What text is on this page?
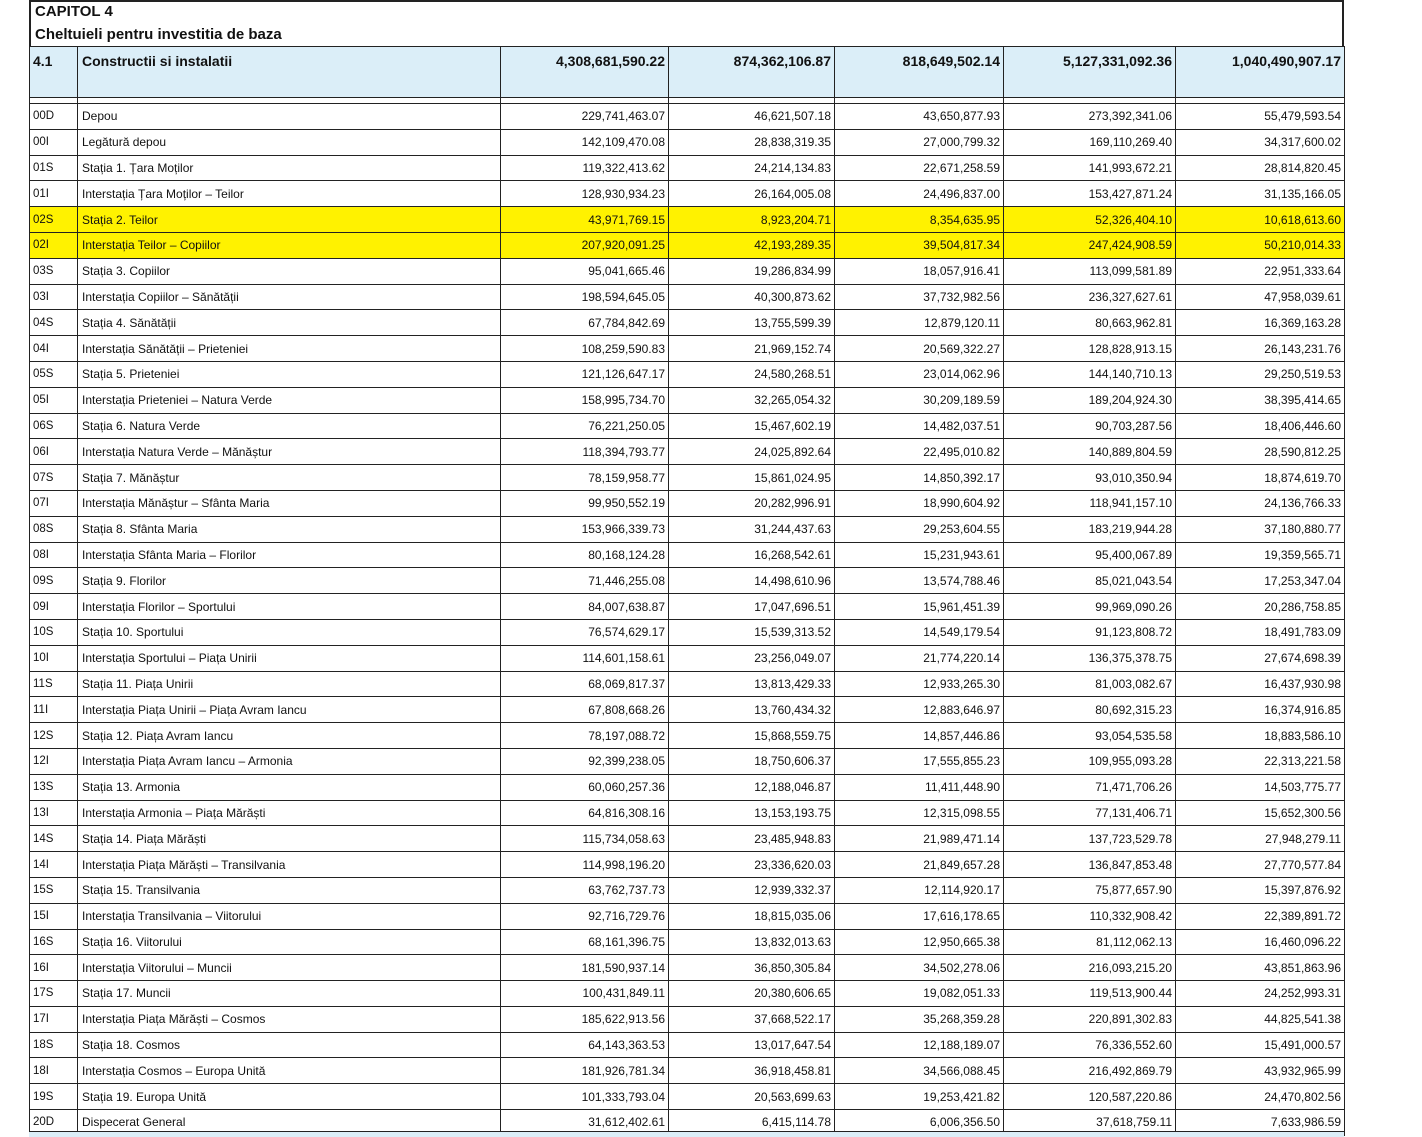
CAPITOL 4
Cheltuieli pentru investitia de baza
4.1	Constructii si instalatii	4,308,681,590.22	874,362,106.87	818,649,502.14	5,127,331,092.36	1,040,490,907.17

00D	Depou	229,741,463.07	46,621,507.18	43,650,877.93	273,392,341.06	55,479,593.54
00I	Legătură depou	142,109,470.08	28,838,319.35	27,000,799.32	169,110,269.40	34,317,600.02
01S	Stația 1. Țara Moților	119,322,413.62	24,214,134.83	22,671,258.59	141,993,672.21	28,814,820.45
01I	Interstația Țara Moților – Teilor	128,930,934.23	26,164,005.08	24,496,837.00	153,427,871.24	31,135,166.05
02S	Stația 2. Teilor	43,971,769.15	8,923,204.71	8,354,635.95	52,326,404.10	10,618,613.60
02I	Interstația Teilor – Copiilor	207,920,091.25	42,193,289.35	39,504,817.34	247,424,908.59	50,210,014.33
03S	Stația 3. Copiilor	95,041,665.46	19,286,834.99	18,057,916.41	113,099,581.89	22,951,333.64
03I	Interstația Copiilor – Sănătății	198,594,645.05	40,300,873.62	37,732,982.56	236,327,627.61	47,958,039.61
04S	Stația 4. Sănătății	67,784,842.69	13,755,599.39	12,879,120.11	80,663,962.81	16,369,163.28
04I	Interstația Sănătății – Prieteniei	108,259,590.83	21,969,152.74	20,569,322.27	128,828,913.15	26,143,231.76
05S	Stația 5. Prieteniei	121,126,647.17	24,580,268.51	23,014,062.96	144,140,710.13	29,250,519.53
05I	Interstația Prieteniei – Natura Verde	158,995,734.70	32,265,054.32	30,209,189.59	189,204,924.30	38,395,414.65
06S	Stația 6. Natura Verde	76,221,250.05	15,467,602.19	14,482,037.51	90,703,287.56	18,406,446.60
06I	Interstația Natura Verde – Mănăștur	118,394,793.77	24,025,892.64	22,495,010.82	140,889,804.59	28,590,812.25
07S	Stația 7. Mănăștur	78,159,958.77	15,861,024.95	14,850,392.17	93,010,350.94	18,874,619.70
07I	Interstația Mănăștur – Sfânta Maria	99,950,552.19	20,282,996.91	18,990,604.92	118,941,157.10	24,136,766.33
08S	Stația 8. Sfânta Maria	153,966,339.73	31,244,437.63	29,253,604.55	183,219,944.28	37,180,880.77
08I	Interstația Sfânta Maria – Florilor	80,168,124.28	16,268,542.61	15,231,943.61	95,400,067.89	19,359,565.71
09S	Stația 9. Florilor	71,446,255.08	14,498,610.96	13,574,788.46	85,021,043.54	17,253,347.04
09I	Interstația Florilor – Sportului	84,007,638.87	17,047,696.51	15,961,451.39	99,969,090.26	20,286,758.85
10S	Stația 10. Sportului	76,574,629.17	15,539,313.52	14,549,179.54	91,123,808.72	18,491,783.09
10I	Interstația Sportului – Piața Unirii	114,601,158.61	23,256,049.07	21,774,220.14	136,375,378.75	27,674,698.39
11S	Stația 11. Piața Unirii	68,069,817.37	13,813,429.33	12,933,265.30	81,003,082.67	16,437,930.98
11I	Interstația Piața Unirii – Piața Avram Iancu	67,808,668.26	13,760,434.32	12,883,646.97	80,692,315.23	16,374,916.85
12S	Stația 12. Piața Avram Iancu	78,197,088.72	15,868,559.75	14,857,446.86	93,054,535.58	18,883,586.10
12I	Interstația Piața Avram Iancu – Armonia	92,399,238.05	18,750,606.37	17,555,855.23	109,955,093.28	22,313,221.58
13S	Stația 13. Armonia	60,060,257.36	12,188,046.87	11,411,448.90	71,471,706.26	14,503,775.77
13I	Interstația Armonia – Piața Mărăști	64,816,308.16	13,153,193.75	12,315,098.55	77,131,406.71	15,652,300.56
14S	Stația 14. Piața Mărăști	115,734,058.63	23,485,948.83	21,989,471.14	137,723,529.78	27,948,279.11
14I	Interstația Piața Mărăști – Transilvania	114,998,196.20	23,336,620.03	21,849,657.28	136,847,853.48	27,770,577.84
15S	Stația 15. Transilvania	63,762,737.73	12,939,332.37	12,114,920.17	75,877,657.90	15,397,876.92
15I	Interstația Transilvania – Viitorului	92,716,729.76	18,815,035.06	17,616,178.65	110,332,908.42	22,389,891.72
16S	Stația 16. Viitorului	68,161,396.75	13,832,013.63	12,950,665.38	81,112,062.13	16,460,096.22
16I	Interstația Viitorului – Muncii	181,590,937.14	36,850,305.84	34,502,278.06	216,093,215.20	43,851,863.96
17S	Stația 17. Muncii	100,431,849.11	20,380,606.65	19,082,051.33	119,513,900.44	24,252,993.31
17I	Interstația Piața Mărăști – Cosmos	185,622,913.56	37,668,522.17	35,268,359.28	220,891,302.83	44,825,541.38
18S	Stația 18. Cosmos	64,143,363.53	13,017,647.54	12,188,189.07	76,336,552.60	15,491,000.57
18I	Interstația Cosmos – Europa Unită	181,926,781.34	36,918,458.81	34,566,088.45	216,492,869.79	43,932,965.99
19S	Stația 19. Europa Unită	101,333,793.04	20,563,699.63	19,253,421.82	120,587,220.86	24,470,802.56
20D	Dispecerat General	31,612,402.61	6,415,114.78	6,006,356.50	37,618,759.11	7,633,986.59
